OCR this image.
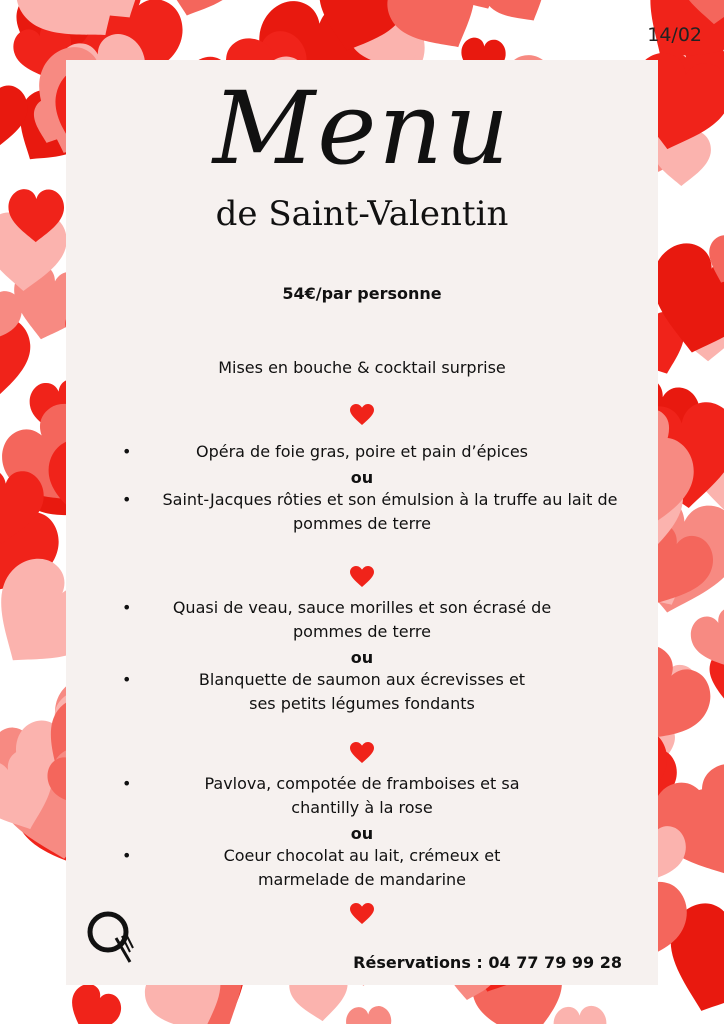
14/02
Menu
de Saint-Valentin
54€/par personne
Mises en bouche & cocktail surprise
•	Opéra de foie gras, poire et pain d’épices
ou
•	Saint-Jacques rôties et son émulsion à la truffe au lait de
pommes de terre
•	Quasi de veau, sauce morilles et son écrasé de
pommes de terre
ou
•	Blanquette de saumon aux écrevisses et
ses petits légumes fondants
•	Pavlova, compotée de framboises et sa
chantilly à la rose
ou
•	Coeur chocolat au lait, crémeux et
marmelade de mandarine
Réservations : 04 77 79 99 28
